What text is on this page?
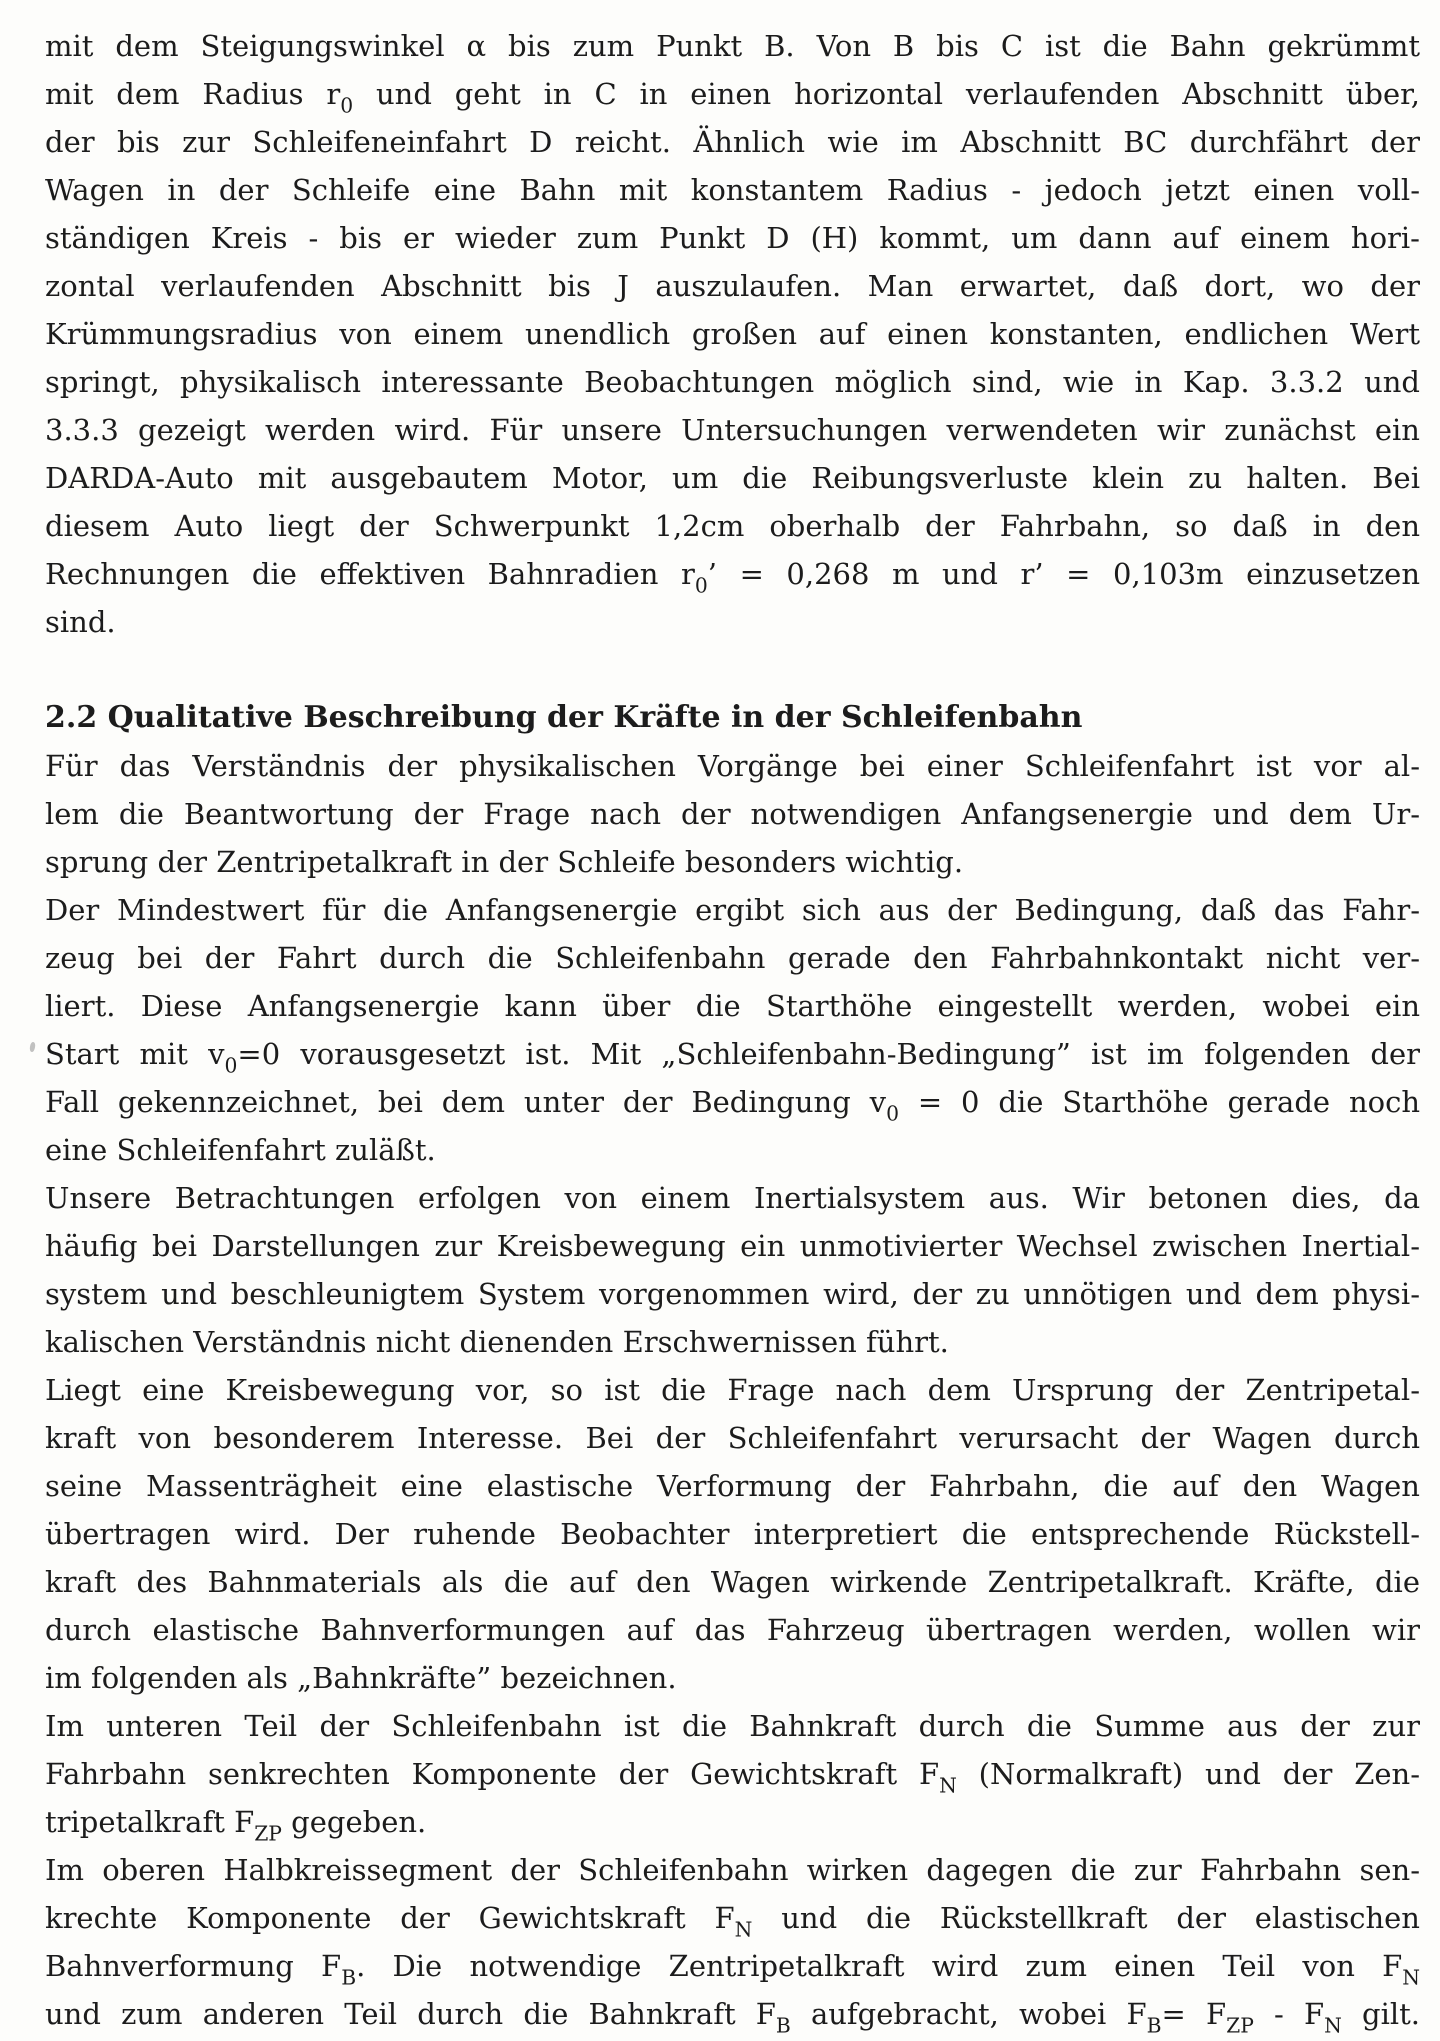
mit dem Steigungswinkel α bis zum Punkt B. Von B bis C ist die Bahn gekrümmt
mit dem Radius $r_0$ und geht in C in einen horizontal verlaufenden Abschnitt über,
der bis zur Schleifeneinfahrt D reicht. Ähnlich wie im Abschnitt BC durchfährt der
Wagen in der Schleife eine Bahn mit konstantem Radius - jedoch jetzt einen voll-
ständigen Kreis - bis er wieder zum Punkt D (H) kommt, um dann auf einem hori-
zontal verlaufenden Abschnitt bis J auszulaufen. Man erwartet, daß dort, wo der
Krümmungsradius von einem unendlich großen auf einen konstanten, endlichen Wert
springt, physikalisch interessante Beobachtungen möglich sind, wie in Kap. 3.3.2 und
3.3.3 gezeigt werden wird. Für unsere Untersuchungen verwendeten wir zunächst ein
DARDA-Auto mit ausgebautem Motor, um die Reibungsverluste klein zu halten. Bei
diesem Auto liegt der Schwerpunkt 1,2cm oberhalb der Fahrbahn, so daß in den
Rechnungen die effektiven Bahnradien $r_0$’ = 0,268 m und r’ = 0,103m einzusetzen
sind.
2.2 Qualitative Beschreibung der Kräfte in der Schleifenbahn
Für das Verständnis der physikalischen Vorgänge bei einer Schleifenfahrt ist vor al-
lem die Beantwortung der Frage nach der notwendigen Anfangsenergie und dem Ur-
sprung der Zentripetalkraft in der Schleife besonders wichtig.
Der Mindestwert für die Anfangsenergie ergibt sich aus der Bedingung, daß das Fahr-
zeug bei der Fahrt durch die Schleifenbahn gerade den Fahrbahnkontakt nicht ver-
liert. Diese Anfangsenergie kann über die Starthöhe eingestellt werden, wobei ein
Start mit $v_0=0$ vorausgesetzt ist. Mit „Schleifenbahn-Bedingung” ist im folgenden der
Fall gekennzeichnet, bei dem unter der Bedingung $v_0 = 0$ die Starthöhe gerade noch
eine Schleifenfahrt zuläßt.
Unsere Betrachtungen erfolgen von einem Inertialsystem aus. Wir betonen dies, da
häufig bei Darstellungen zur Kreisbewegung ein unmotivierter Wechsel zwischen Inertial-
system und beschleunigtem System vorgenommen wird, der zu unnötigen und dem physi-
kalischen Verständnis nicht dienenden Erschwernissen führt.
Liegt eine Kreisbewegung vor, so ist die Frage nach dem Ursprung der Zentripetal-
kraft von besonderem Interesse. Bei der Schleifenfahrt verursacht der Wagen durch
seine Massenträgheit eine elastische Verformung der Fahrbahn, die auf den Wagen
übertragen wird. Der ruhende Beobachter interpretiert die entsprechende Rückstell-
kraft des Bahnmaterials als die auf den Wagen wirkende Zentripetalkraft. Kräfte, die
durch elastische Bahnverformungen auf das Fahrzeug übertragen werden, wollen wir
im folgenden als „Bahnkräfte” bezeichnen.
Im unteren Teil der Schleifenbahn ist die Bahnkraft durch die Summe aus der zur
Fahrbahn senkrechten Komponente der Gewichtskraft $F_N$ (Normalkraft) und der Zen-
tripetalkraft $F_{ZP}$ gegeben.
Im oberen Halbkreissegment der Schleifenbahn wirken dagegen die zur Fahrbahn sen-
krechte Komponente der Gewichtskraft $F_N$ und die Rückstellkraft der elastischen
Bahnverformung $F_B$. Die notwendige Zentripetalkraft wird zum einen Teil von $F_N$
und zum anderen Teil durch die Bahnkraft $F_B$ aufgebracht, wobei $F_B= F_{ZP} - F_N$ gilt.
